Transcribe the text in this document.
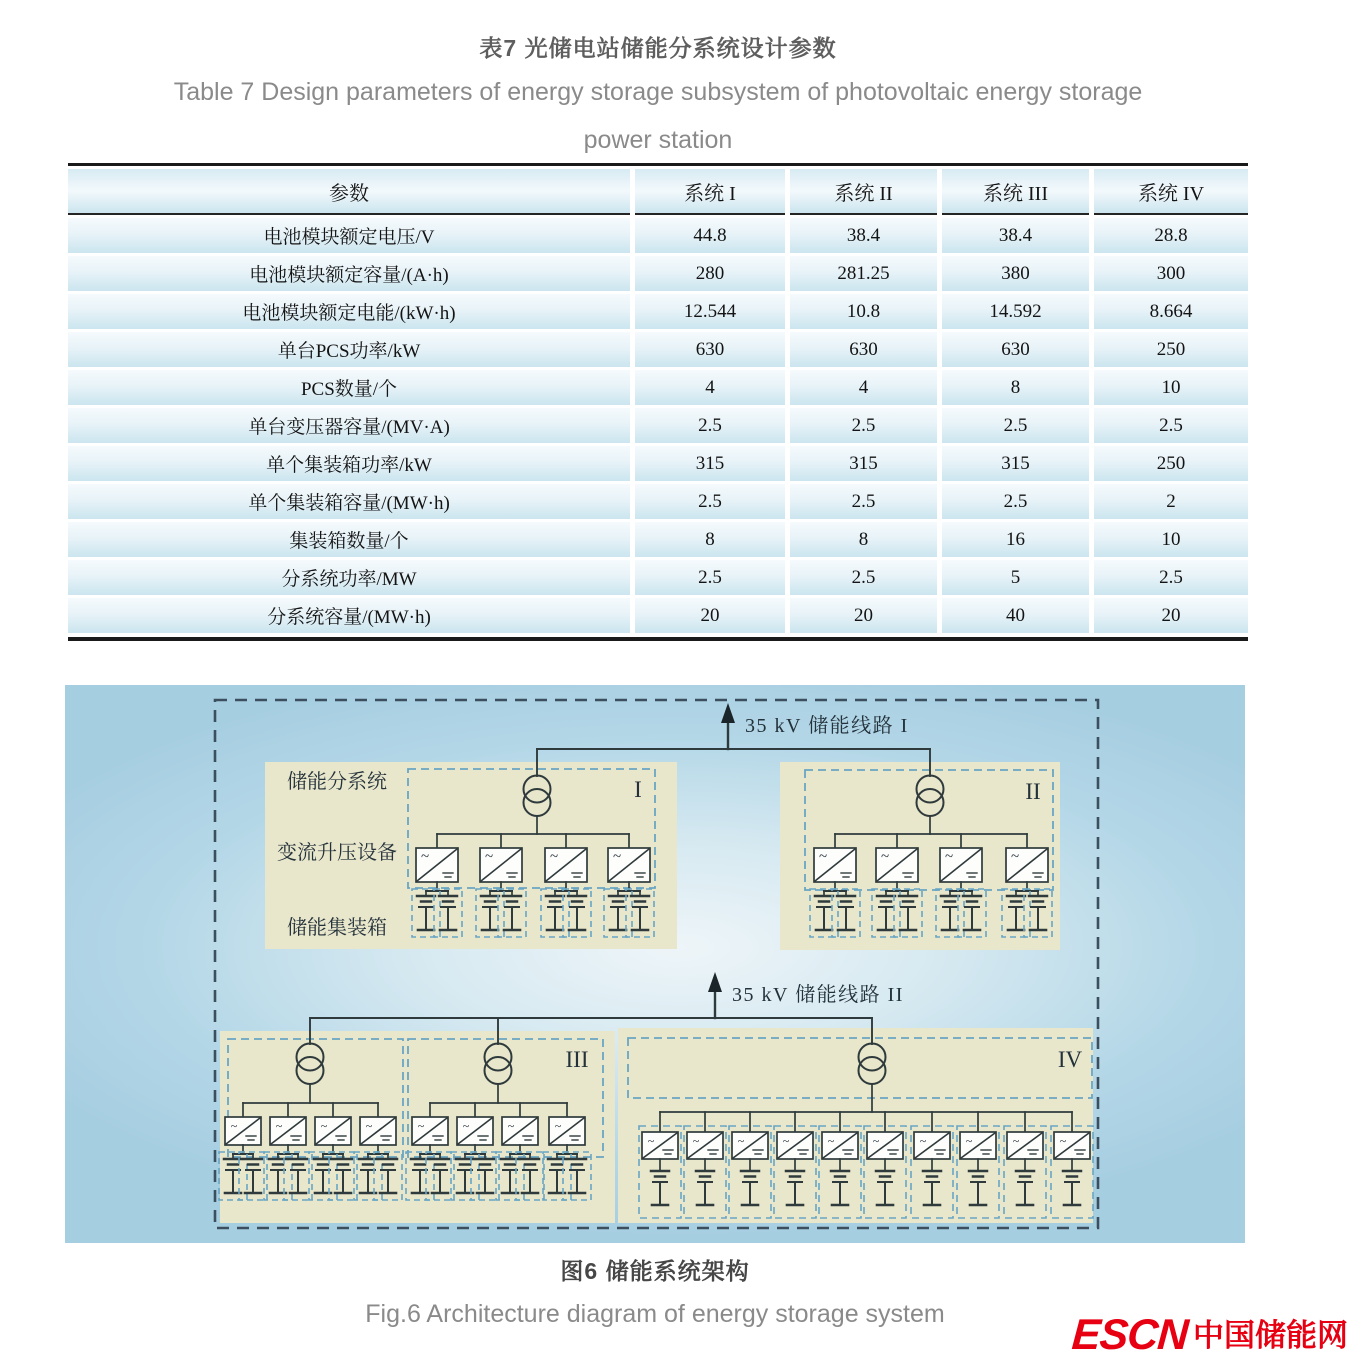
表7 光储电站储能分系统设计参数
Table 7 Design parameters of energy storage subsystem of photovoltaic energy storage
power station
参数	系统 I	系统 II	系统 III	系统 IV
电池模块额定电压/V	44.8	38.4	38.4	28.8
电池模块额定容量/(A·h)	280	281.25	380	300
电池模块额定电能/(kW·h)	12.544	10.8	14.592	8.664
单台PCS功率/kW	630	630	630	250
PCS数量/个	4	4	8	10
单台变压器容量/(MV·A)	2.5	2.5	2.5	2.5
单个集装箱功率/kW	315	315	315	250
单个集装箱容量/(MW·h)	2.5	2.5	2.5	2
集装箱数量/个	8	8	16	10
分系统功率/MW	2.5	2.5	5	2.5
分系统容量/(MW·h)	20	20	40	20
I	II
III	IV
储能分系统
变流升压设备
储能集装箱
~	~	~	~	~	~	~	~
~	~	~	~	~	~	~	~
~	~	~	~	~	~	~	~	~	~
35 kV 储能线路 I
35 kV 储能线路 II
图6 储能系统架构
Fig.6 Architecture diagram of energy storage system	ESCN 中国储能网
